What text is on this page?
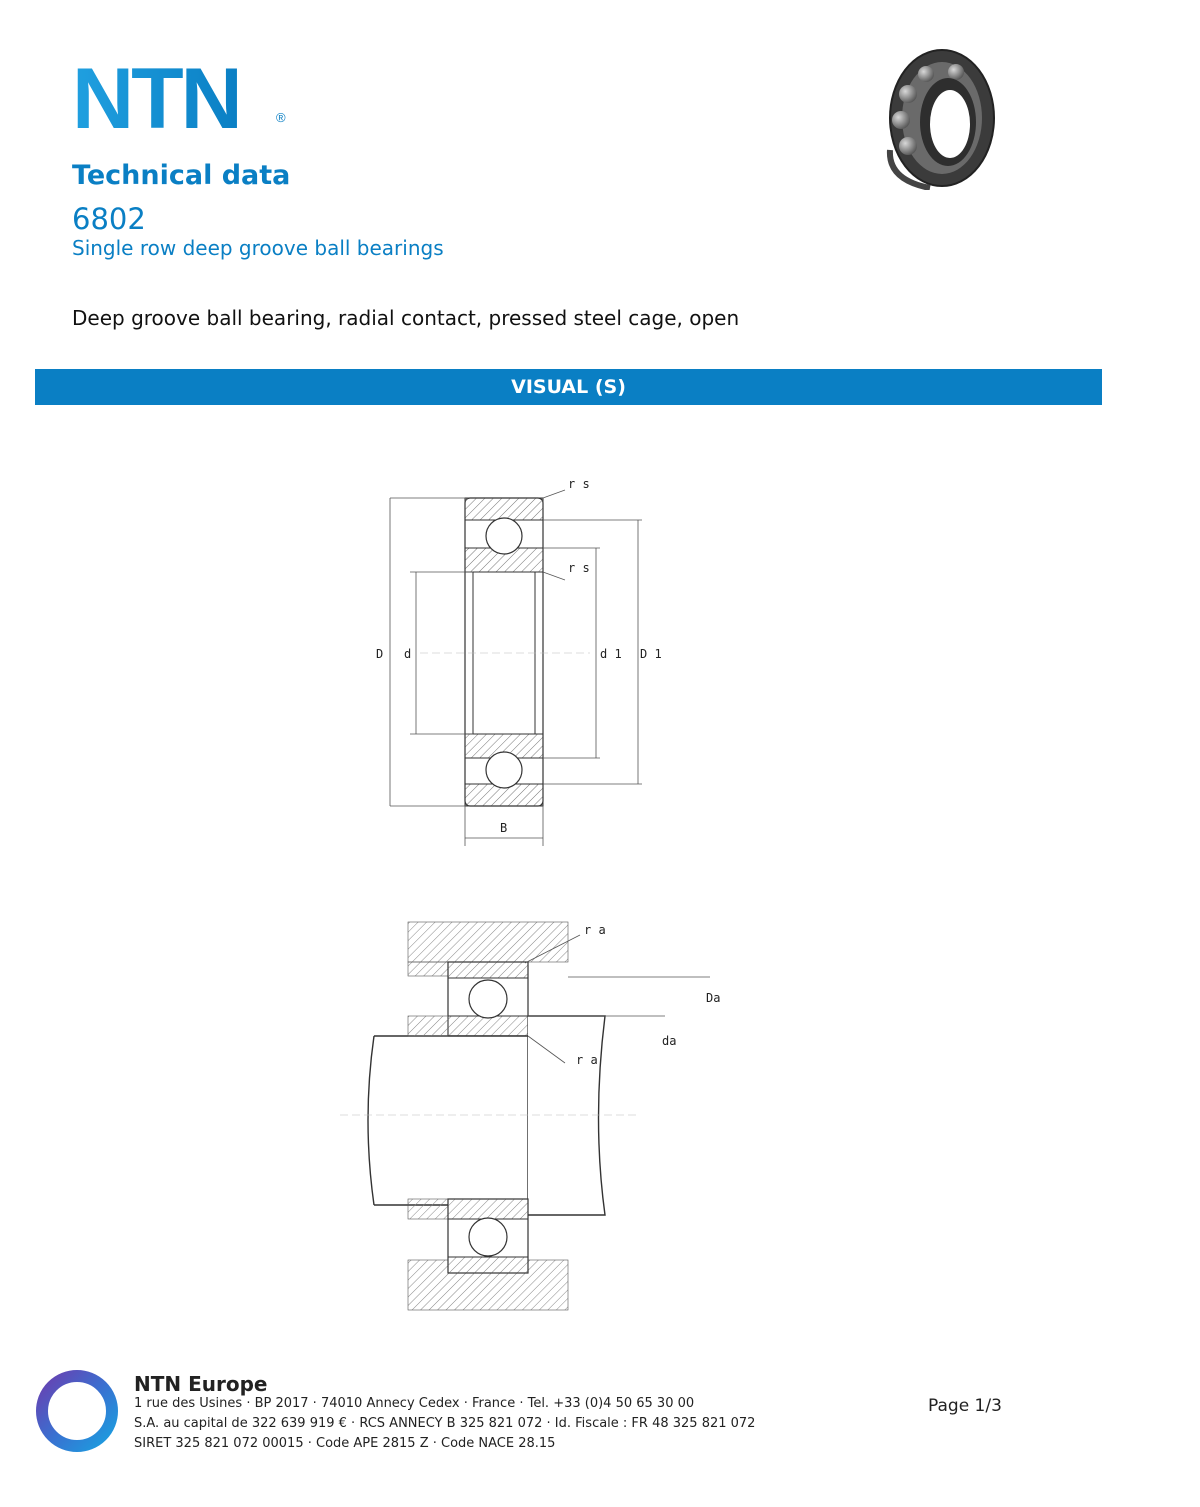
NTN	®
Technical data
6802
Single row deep groove ball bearings
Deep groove ball bearing, radial contact, pressed steel cage, open
VISUAL (S)
r s
r s
D d	d 1 D 1
B
r a
Da
da
r a
NTN Europe
1 rue des Usines · BP 2017 · 74010 Annecy Cedex · France · Tel. +33 (0)4 50 65 30 00
S.A. au capital de 322 639 919 € · RCS ANNECY B 325 821 072 · Id. Fiscale : FR 48 325 821 072
SIRET 325 821 072 00015 · Code APE 2815 Z · Code NACE 28.15
Page 1/3
